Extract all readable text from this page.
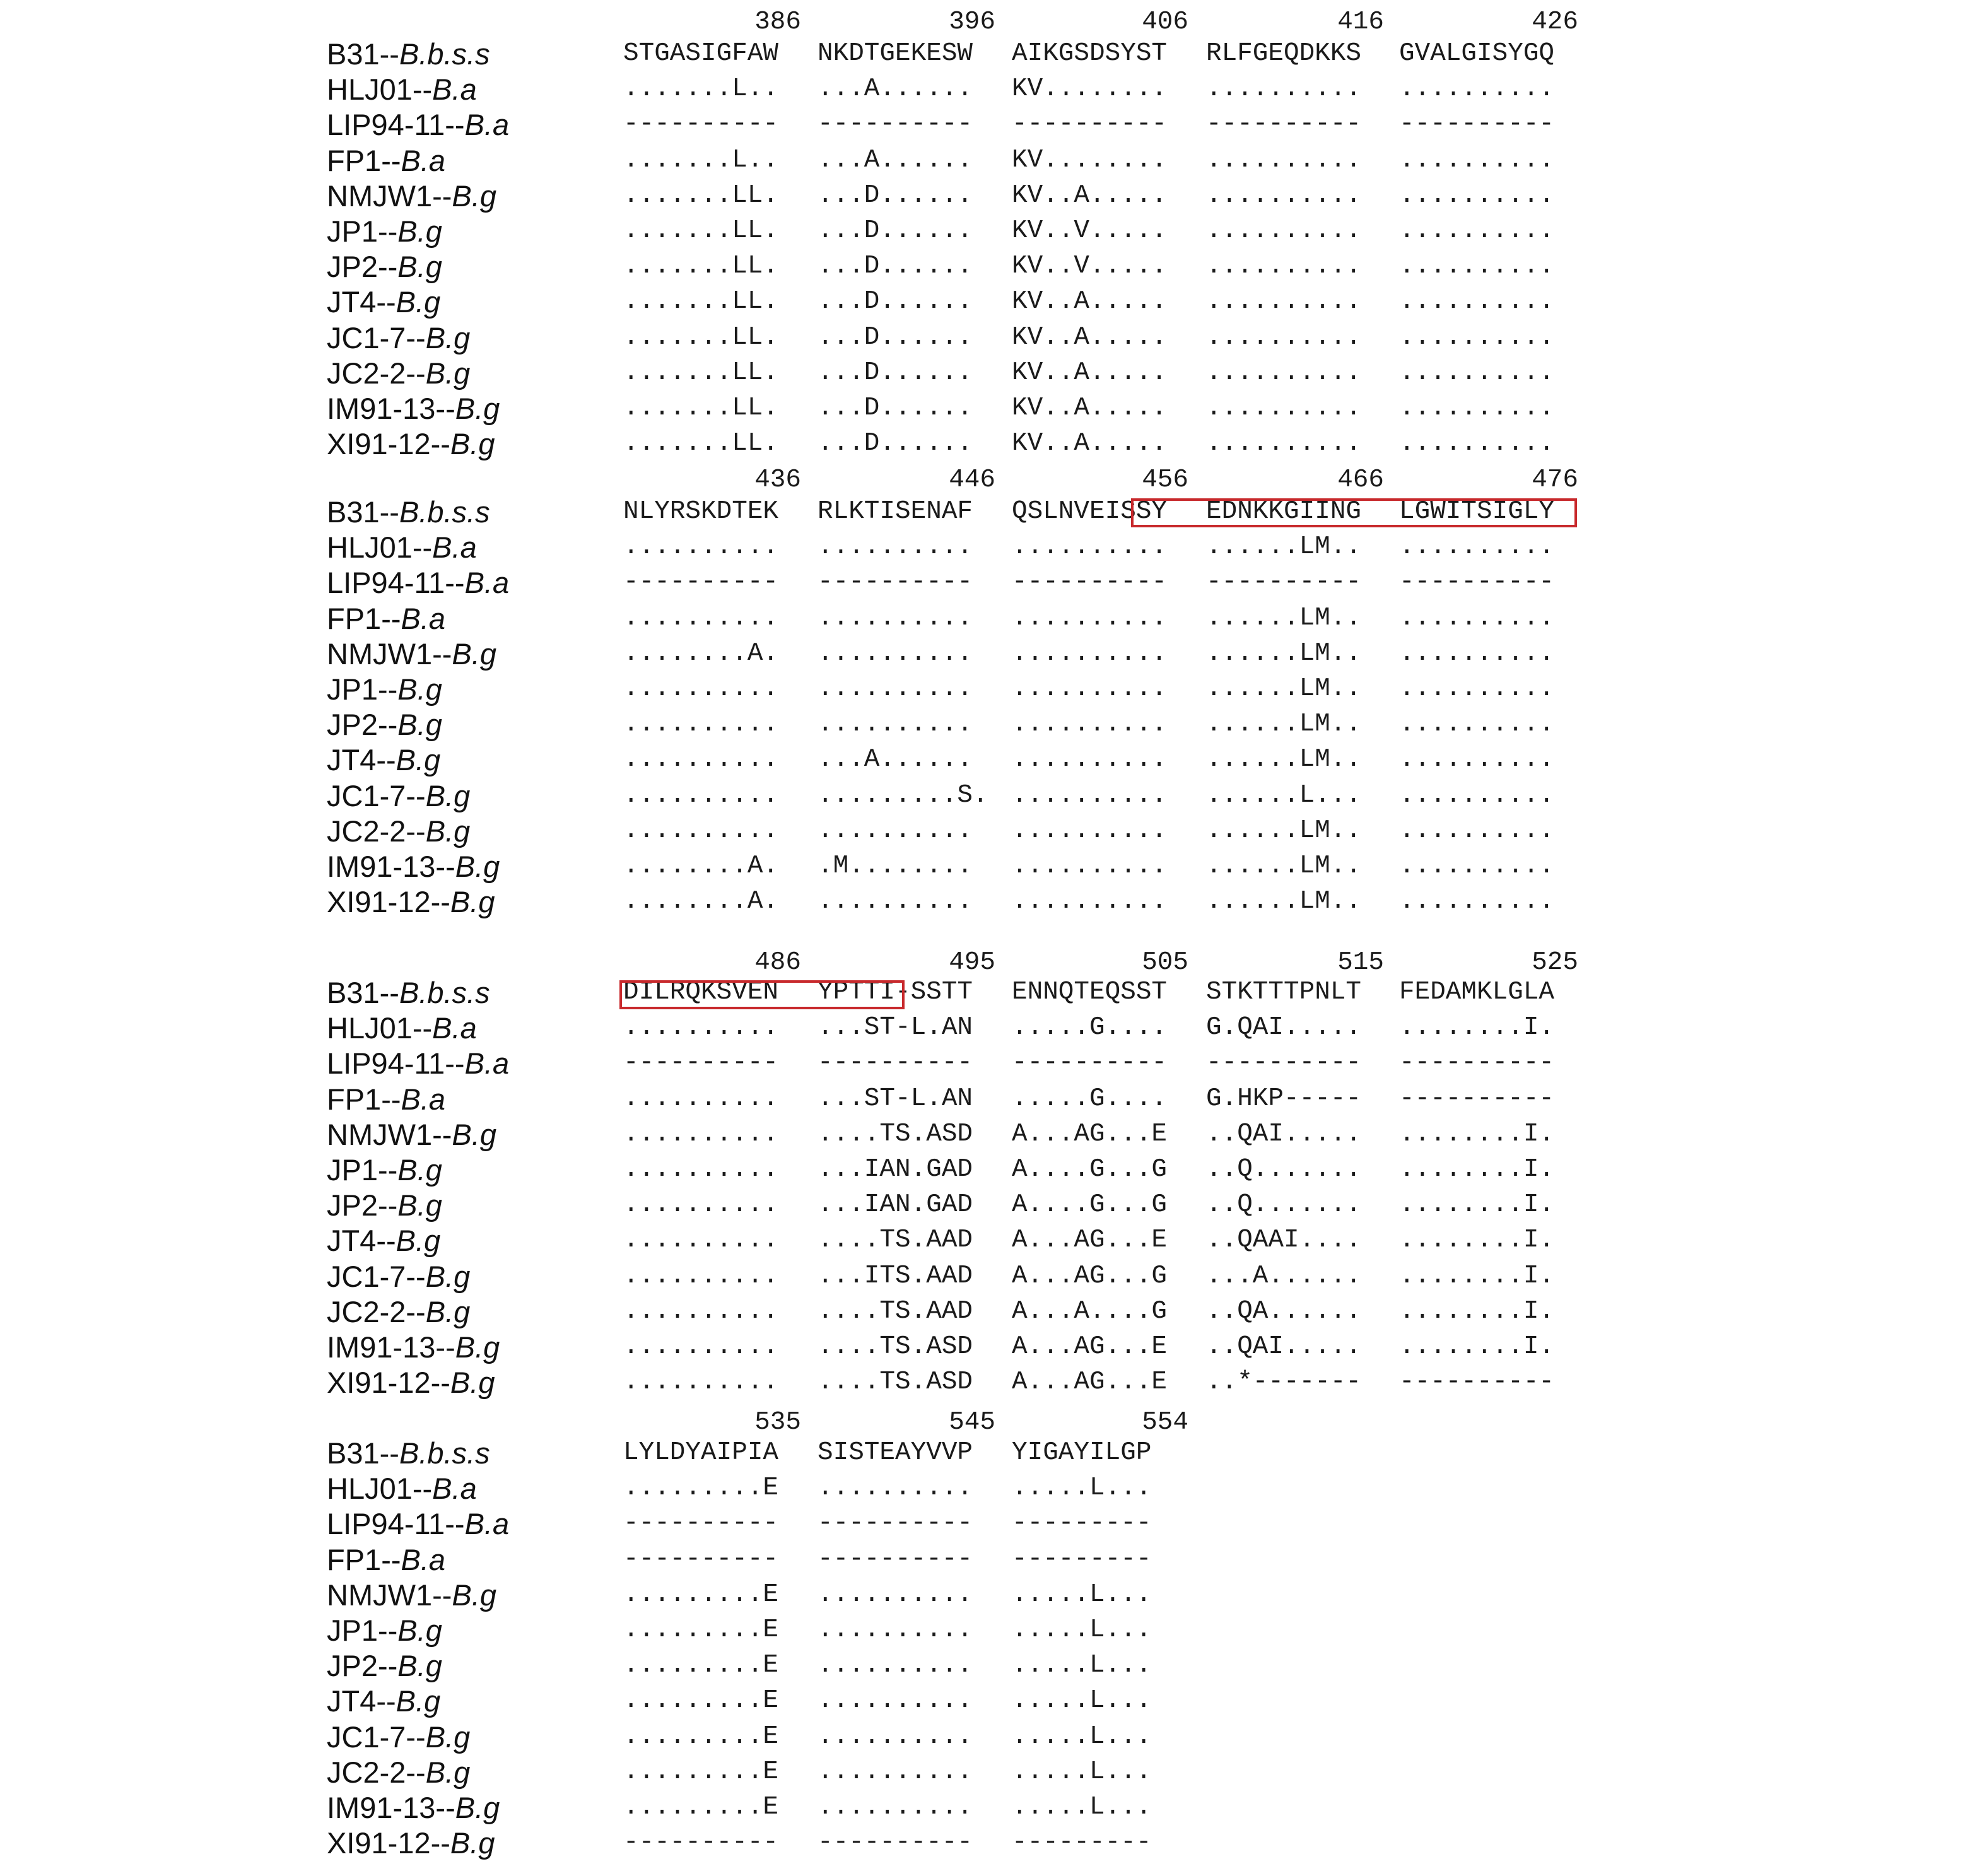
386	396	406	416	426
B31--B.b.s.s	STGASIGFAW NKDTGEKESW AIKGSDSYST RLFGEQDKKS GVALGISYGQ
HLJ01--B.a	.......L.. ...A...... KV........ .......... ..........
LIP94-11--B.a	---------- ---------- ---------- ---------- ----------
FP1--B.a	.......L.. ...A...... KV........ .......... ..........
NMJW1--B.g	.......LL. ...D...... KV..A..... .......... ..........
JP1--B.g	.......LL. ...D...... KV..V..... .......... ..........
JP2--B.g	.......LL. ...D...... KV..V..... .......... ..........
JT4--B.g	.......LL. ...D...... KV..A..... .......... ..........
JC1-7--B.g	.......LL. ...D...... KV..A..... .......... ..........
JC2-2--B.g	.......LL. ...D...... KV..A..... .......... ..........
IM91-13--B.g	.......LL. ...D...... KV..A..... .......... ..........
XI91-12--B.g	.......LL. ...D...... KV..A..... .......... ..........
436	446	456	466	476
B31--B.b.s.s	NLYRSKDTEK RLKTISENAF QSLNVEISSY EDNKKGIING LGWITSIGLY
HLJ01--B.a	.......... .......... .......... ......LM.. ..........
LIP94-11--B.a	---------- ---------- ---------- ---------- ----------
FP1--B.a	.......... .......... .......... ......LM.. ..........
NMJW1--B.g	........A. .......... .......... ......LM.. ..........
JP1--B.g	.......... .......... .......... ......LM.. ..........
JP2--B.g	.......... .......... .......... ......LM.. ..........
JT4--B.g	.......... ...A...... .......... ......LM.. ..........
JC1-7--B.g	.......... .........S. .......... ......L... ..........
JC2-2--B.g	.......... .......... .......... ......LM.. ..........
IM91-13--B.g	........A. .M........ .......... ......LM.. ..........
XI91-12--B.g	........A. .......... .......... ......LM.. ..........
486	495	505	515	525
B31--B.b.s.s	DILRQKSVEN YPTTI-SSTT ENNQTEQSST STKTTTPNLT FEDAMKLGLA
HLJ01--B.a	.......... ...ST-L.AN .....G.... G.QAI..... ........I.
LIP94-11--B.a	---------- ---------- ---------- ---------- ----------
FP1--B.a	.......... ...ST-L.AN .....G.... G.HKP----- ----------
NMJW1--B.g	.......... ....TS.ASD A...AG...E ..QAI..... ........I.
JP1--B.g	.......... ...IAN.GAD A....G...G ..Q....... ........I.
JP2--B.g	.......... ...IAN.GAD A....G...G ..Q....... ........I.
JT4--B.g	.......... ....TS.AAD A...AG...E ..QAAI.... ........I.
JC1-7--B.g	.......... ...ITS.AAD A...AG...G ...A...... ........I.
JC2-2--B.g	.......... ....TS.AAD A...A....G ..QA...... ........I.
IM91-13--B.g	.......... ....TS.ASD A...AG...E ..QAI..... ........I.
XI91-12--B.g	.......... ....TS.ASD A...AG...E ..*------- ----------
535	545	554
B31--B.b.s.s	LYLDYAIPIA SISTEAYVVP YIGAYILGP
HLJ01--B.a	.........E .......... .....L...
LIP94-11--B.a	---------- ---------- ---------
FP1--B.a	---------- ---------- ---------
NMJW1--B.g	.........E .......... .....L...
JP1--B.g	.........E .......... .....L...
JP2--B.g	.........E .......... .....L...
JT4--B.g	.........E .......... .....L...
JC1-7--B.g	.........E .......... .....L...
JC2-2--B.g	.........E .......... .....L...
IM91-13--B.g	.........E .......... .....L...
XI91-12--B.g	---------- ---------- ---------
